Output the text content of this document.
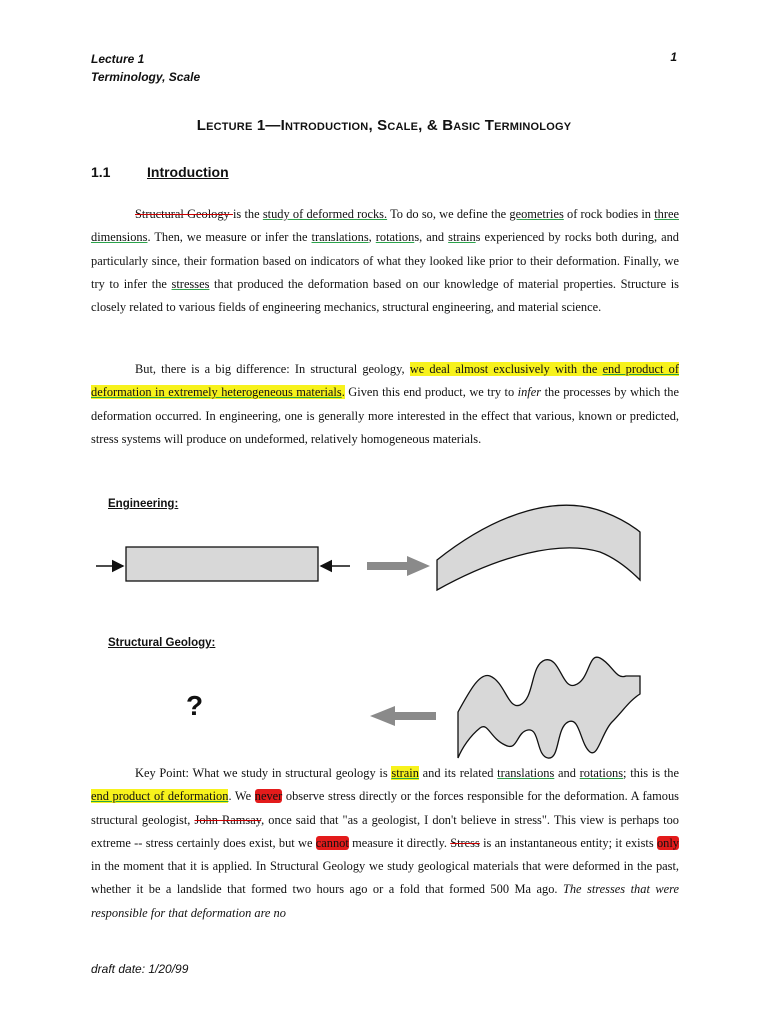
Lecture 1
Terminology, Scale
1
Lecture 1—Introduction, Scale, & Basic Terminology
1.1	Introduction
Structural Geology is the study of deformed rocks. To do so, we define the geometries of rock bodies in three dimensions. Then, we measure or infer the translations, rotations, and strains experienced by rocks both during, and particularly since, their formation based on indicators of what they looked like prior to their deformation. Finally, we try to infer the stresses that produced the deformation based on our knowledge of material properties. Structure is closely related to various fields of engineering mechanics, structural engineering, and material science.
But, there is a big difference: In structural geology, we deal almost exclusively with the end product of deformation in extremely heterogeneous materials. Given this end product, we try to infer the processes by which the deformation occurred. In engineering, one is generally more interested in the effect that various, known or predicted, stress systems will produce on undeformed, relatively homogeneous materials.
Engineering:
Structural Geology:
?
Key Point: What we study in structural geology is strain and its related translations and rotations; this is the end product of deformation. We never observe stress directly or the forces responsible for the deformation. A famous structural geologist, John Ramsay, once said that "as a geologist, I don't believe in stress". This view is perhaps too extreme -- stress certainly does exist, but we cannot measure it directly. Stress is an instantaneous entity; it exists only in the moment that it is applied. In Structural Geology we study geological materials that were deformed in the past, whether it be a landslide that formed two hours ago or a fold that formed 500 Ma ago. The stresses that were responsible for that deformation are no
draft date: 1/20/99
